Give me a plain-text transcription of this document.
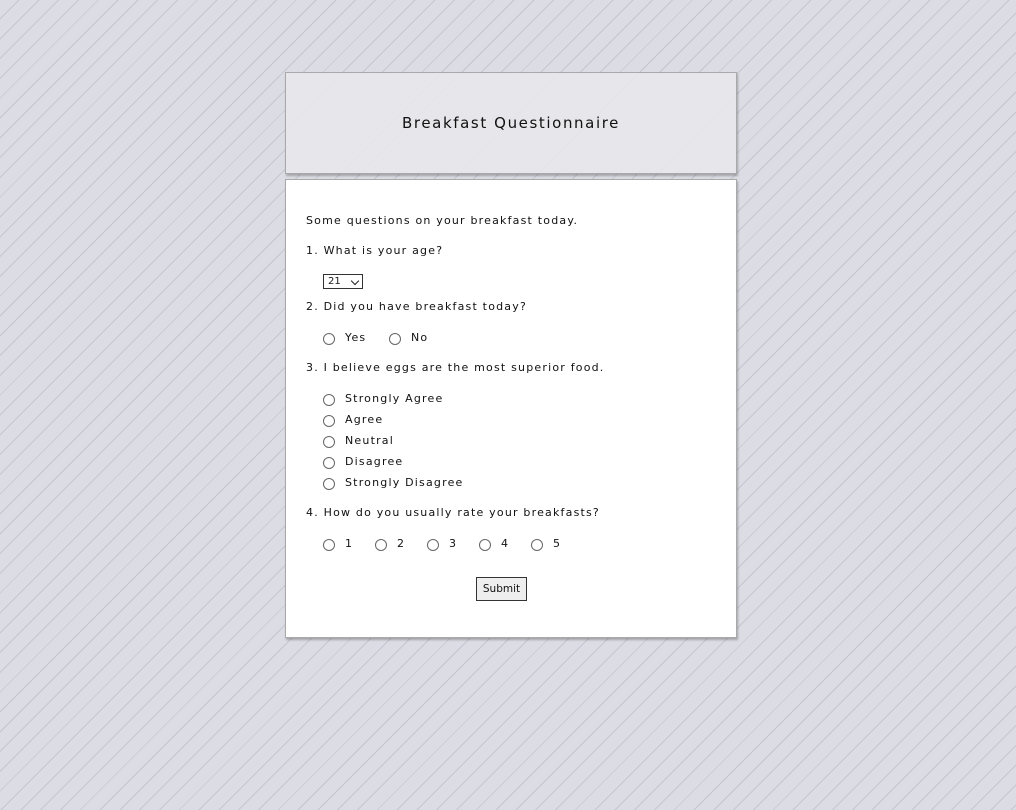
Breakfast Questionnaire
Some questions on your breakfast today.
1. What is your age?
21
2. Did you have breakfast today?
Yes	No
3. I believe eggs are the most superior food.
Strongly Agree
Agree
Neutral
Disagree
Strongly Disagree
4. How do you usually rate your breakfasts?
1	2	3	4	5
Submit
